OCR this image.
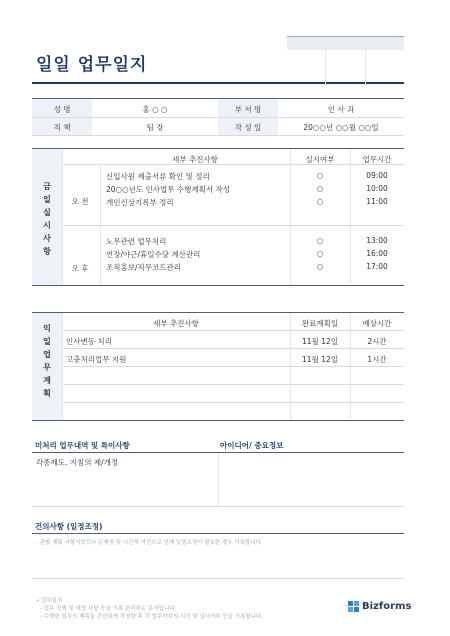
일일 업무일지
성 명	홍 ○ ○	부 서 명	인 사 과
직 책	팀 장	작 성 일	20○○년 ○○월 ○○일
금 일 실 시 사 항
세부 추진사항	실시여부	업무시간
오 전
오 후
신입사원 제출서류 확인 및 정리	○	09:00
20○○년도 인사업무 수행계획서 작성	○	10:00
개인신상기록부 정리	○	11:00
노무관련 업무처리	○	13:00
연장/야근/휴일수당 계산관리	○	16:00
조직홍보/직무코드관리	○	17:00
익 일 업 무 계 획
세부 추진사항	완료계획일	예상시간
인사변동 처리	11월 12일	2시간
고충처리업무 지원	11월 12일	1시간
미처리 업무내역 및 특이사항	아이디어/ 중요정보
각종제도. 지침의 제/개정
건의사항 (일정조정)
- 관할 계획 사항이었으나 문제점 및 시간적 여건으로 인해 일정조정이 필요한 경우 기록합니다.
• 업무일지
- 업무 진행 및 예정 사항 등을 기록 관리하는 문서입니다.
- 수행한 업무의 제목을 간단하게 작성한 후 각 업무까지의 시간 및 실시여부 등을 기록합니다.
Bizforms
